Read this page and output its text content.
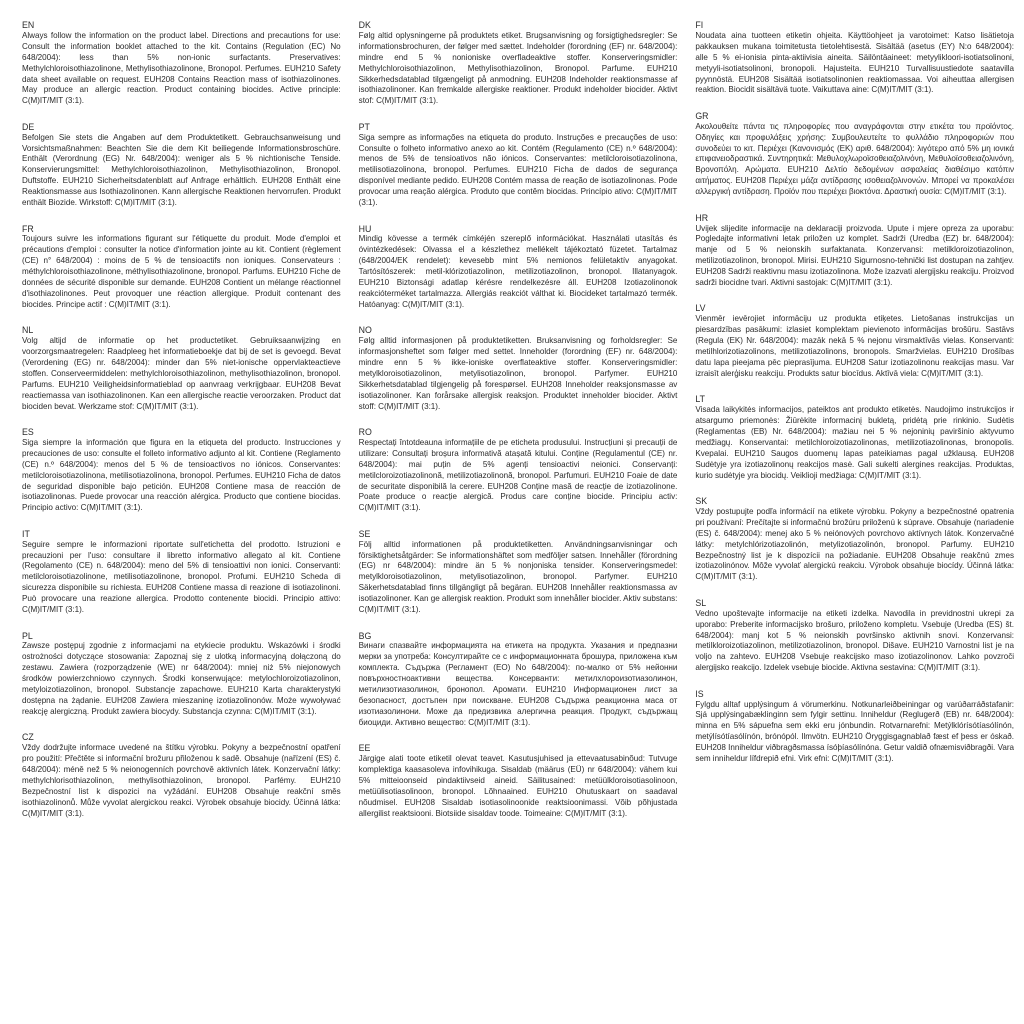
EN

Always follow the information on the product label. Directions and precautions for use: Consult the information booklet attached to the kit. Contains (Regulation (EC) No 648/2004): less than 5% non-ionic surfactants. Preservatives: Methylchloroisothiazolinone, Methylisothiazolinone, Bronopol. Perfumes. EUH210 Safety data sheet available on request. EUH208 Contains Reaction mass of isothiazolinones. May produce an allergic reaction. Product containing biocides. Active principle: C(M)IT/MIT (3:1).

DE

Befolgen Sie stets die Angaben auf dem Produktetikett. Gebrauchsanweisung und Vorsichtsmaßnahmen: Beachten Sie die dem Kit beiliegende Informationsbroschüre. Enthält (Verordnung (EG) Nr. 648/2004): weniger als 5 % nichtionische Tenside. Konservierungsmittel: Methylchloroisothiazolinon, Methylisothiazolinon, Bronopol. Duftstoffe. EUH210 Sicherheitsdatenblatt auf Anfrage erhältlich. EUH208 Enthält eine Reaktionsmasse aus Isothiazolinonen. Kann allergische Reaktionen hervorrufen. Produkt enthält Biozide. Wirkstoff: C(M)IT/MIT (3:1).

FR

Toujours suivre les informations figurant sur l'étiquette du produit. Mode d'emploi et précautions d'emploi : consulter la notice d'information jointe au kit. Contient (règlement (CE) n° 648/2004) : moins de 5 % de tensioactifs non ioniques. Conservateurs : méthylchloroisothiazolinone, méthylisothiazolinone, bronopol. Parfums. EUH210 Fiche de données de sécurité disponible sur demande. EUH208 Contient un mélange réactionnel d'isothiazolinones. Peut provoquer une réaction allergique. Produit contenant des biocides. Principe actif : C(M)IT/MIT (3:1).

NL

Volg altijd de informatie op het productetiket. Gebruiksaanwijzing en voorzorgsmaatregelen: Raadpleeg het informatieboekje dat bij de set is gevoegd. Bevat (Verordening (EG) nr. 648/2004): minder dan 5% niet-ionische oppervlakteactieve stoffen. Conserveermiddelen: methylchloroisothiazolinon, methylisothiazolinon, bronopol. Parfums. EUH210 Veiligheidsinformatieblad op aanvraag verkrijgbaar. EUH208 Bevat reactiemassa van isothiazolinonen. Kan een allergische reactie veroorzaken. Product dat biociden bevat. Werkzame stof: C(M)IT/MIT (3:1).

ES

Siga siempre la información que figura en la etiqueta del producto. Instrucciones y precauciones de uso: consulte el folleto informativo adjunto al kit. Contiene (Reglamento (CE) n.º 648/2004): menos del 5 % de tensioactivos no iónicos. Conservantes: metilcloroisotiazolinona, metilisotiazolinona, bronopol. Perfumes. EUH210 Ficha de datos de seguridad disponible bajo petición. EUH208 Contiene masa de reacción de isotiazolinonas. Puede provocar una reacción alérgica. Producto que contiene biocidas. Principio activo: C(M)IT/MIT (3:1).

IT

Seguire sempre le informazioni riportate sull'etichetta del prodotto. Istruzioni e precauzioni per l'uso: consultare il libretto informativo allegato al kit. Contiene (Regolamento (CE) n. 648/2004): meno del 5% di tensioattivi non ionici. Conservanti: metilcloroisotiazolinone, metilisotiazolinone, bronopol. Profumi. EUH210 Scheda di sicurezza disponibile su richiesta. EUH208 Contiene massa di reazione di isotiazolinoni. Può provocare una reazione allergica. Prodotto contenente biocidi. Principio attivo: C(M)IT/MIT (3:1).

PL

Zawsze postępuj zgodnie z informacjami na etykiecie produktu. Wskazówki i środki ostrożności dotyczące stosowania: Zapoznaj się z ulotką informacyjną dołączoną do zestawu. Zawiera (rozporządzenie (WE) nr 648/2004): mniej niż 5% niejonowych środków powierzchniowo czynnych. Środki konserwujące: metylochloroizotiazolinon, metyloizotiazolinon, bronopol. Substancje zapachowe. EUH210 Karta charakterystyki dostępna na żądanie. EUH208 Zawiera mieszaninę izotiazolinonów. Może wywoływać reakcję alergiczną. Produkt zawiera biocydy. Substancja czynna: C(M)IT/MIT (3:1).

CZ

Vždy dodržujte informace uvedené na štítku výrobku. Pokyny a bezpečnostní opatření pro použití: Přečtěte si informační brožuru přiloženou k sadě. Obsahuje (nařízení (ES) č. 648/2004): méně než 5 % neionogenních povrchově aktivních látek. Konzervační látky: methylchlorisothiazolinon, methylisothiazolinon, bronopol. Parfémy. EUH210 Bezpečnostní list k dispozici na vyžádání. EUH208 Obsahuje reakční směs isothiazolinonů. Může vyvolat alergickou reakci. Výrobek obsahuje biocidy. Účinná látka: C(M)IT/MIT (3:1).

DK

Følg altid oplysningerne på produktets etiket. Brugsanvisning og forsigtighedsregler: Se informationsbrochuren, der følger med sættet. Indeholder (forordning (EF) nr. 648/2004): mindre end 5 % nonioniske overfladeaktive stoffer. Konserveringsmidler: Methylchloroisothiazolinon, Methylisothiazolinon, Bronopol. Parfume. EUH210 Sikkerhedsdatablad tilgængeligt på anmodning. EUH208 Indeholder reaktionsmasse af isothiazolinoner. Kan fremkalde allergiske reaktioner. Produkt indeholder biocider. Aktivt stof: C(M)IT/MIT (3:1).

PT

Siga sempre as informações na etiqueta do produto. Instruções e precauções de uso: Consulte o folheto informativo anexo ao kit. Contém (Regulamento (CE) n.º 648/2004): menos de 5% de tensioativos não iónicos. Conservantes: metilcloroisotiazolinona, metilisotiazolinona, bronopol. Perfumes. EUH210 Ficha de dados de segurança disponível mediante pedido. EUH208 Contém massa de reação de isotiazolinonas. Pode provocar uma reação alérgica. Produto que contêm biocidas. Princípio ativo: C(M)IT/MIT (3:1).

HU

Mindig kövesse a termék címkéjén szereplő információkat. Használati utasítás és óvintézkedések: Olvassa el a készlethez mellékelt tájékoztató füzetet. Tartalmaz (648/2004/EK rendelet): kevesebb mint 5% nemionos felületaktív anyagokat. Tartósítószerek: metil-klórizotiazolinon, metilizotiazolinon, bronopol. Illatanyagok. EUH210 Biztonsági adatlap kérésre rendelkezésre áll. EUH208 Izotiazolinonok reakcióterméket tartalmazza. Allergiás reakciót válthat ki. Biocideket tartalmazó termék. Hatóanyag: C(M)IT/MIT (3:1).

NO

Følg alltid informasjonen på produktetiketten. Bruksanvisning og forholdsregler: Se informasjonsheftet som følger med settet. Inneholder (forordning (EF) nr. 648/2004): mindre enn 5 % ikke-ioniske overflateaktive stoffer. Konserveringsmidler: metylkloroisotiazolinon, metylisotiazolinon, bronopol. Parfymer. EUH210 Sikkerhetsdatablad tilgjengelig på forespørsel. EUH208 Inneholder reaksjonsmasse av isotiazolinoner. Kan forårsake allergisk reaksjon. Produktet inneholder biocider. Aktivt stoff: C(M)IT/MIT (3:1).

RO

Respectați întotdeauna informațiile de pe eticheta produsului. Instrucțiuni și precauții de utilizare: Consultați broșura informativă atașată kitului. Conține (Regulamentul (CE) nr. 648/2004): mai puțin de 5% agenți tensioactivi neionici. Conservanți: metilcloroizotiazolinonă, metilizotiazolinonă, bronopol. Parfumuri. EUH210 Foaie de date de securitate disponibilă la cerere. EUH208 Conține masă de reacție de izotiazolinone. Poate produce o reacție alergică. Produs care conține biocide. Principiu activ: C(M)IT/MIT (3:1).

SE

Följ alltid informationen på produktetiketten. Användningsanvisningar och försiktighetsåtgärder: Se informationshäftet som medföljer satsen. Innehåller (förordning (EG) nr 648/2004): mindre än 5 % nonjoniska tensider. Konserveringsmedel: metylkloroisotiazolinon, metylisotiazolinon, bronopol. Parfymer. EUH210 Säkerhetsdatablad finns tillgängligt på begäran. EUH208 Innehåller reaktionsmassa av isotiazolinoner. Kan ge allergisk reaktion. Produkt som innehåller biocider. Aktiv substans: C(M)IT/MIT (3:1).

BG

Винаги спазвайте информацията на етикета на продукта. Указания и предпазни мерки за употреба: Консултирайте се с информационната брошура, приложена към комплекта. Съдържа (Регламент (ЕО) No 648/2004): по-малко от 5% нейонни повърхностноактивни вещества. Консерванти: метилхлороизотиазолинон, метилизотиазолинон, бронопол. Аромати. EUH210 Информационен лист за безопасност, достъпен при поискване. EUH208 Съдържа реакционна маса от изотиазолинони. Може да предизвика алергична реакция. Продукт, съдържащ биоциди. Активно вещество: C(M)IT/MIT (3:1).

EE

Järgige alati toote etiketil olevat teavet. Kasutusjuhised ja ettevaatusabinõud: Tutvuge komplektiga kaasasoleva infovihikuga. Sisaldab (määrus (EÜ) nr 648/2004): vähem kui 5% mitteioonseid pindaktiivseid aineid. Säilitusained: metüülkloroisotiasolinoon, metüülisotiasolinoon, bronopol. Lõhnaained. EUH210 Ohutuskaart on saadaval nõudmisel. EUH208 Sisaldab isotiasolinoonide reaktsioonimassi. Võib põhjustada allergilist reaktsiooni. Biotsiide sisaldav toode. Toimeaine: C(M)IT/MIT (3:1).

FI

Noudata aina tuotteen etiketin ohjeita. Käyttöohjeet ja varotoimet: Katso lisätietoja pakkauksen mukana toimitetusta tietolehtisestä. Sisältää (asetus (EY) N:o 648/2004): alle 5 % ei-ionisia pinta-aktiivisia aineita. Säilöntäaineet: metyylikloori-isotiatsolinoni, metyyli-isotiatsolinoni, bronopoli. Hajusteita. EUH210 Turvallisuustiedote saatavilla pyynnöstä. EUH208 Sisältää isotiatsolinonien reaktiomassaa. Voi aiheuttaa allergisen reaktion. Biocidit sisältävä tuote. Vaikuttava aine: C(M)IT/MIT (3:1).

GR

Ακολουθείτε πάντα τις πληροφορίες που αναγράφονται στην ετικέτα του προϊόντος. Οδηγίες και προφυλάξεις χρήσης: Συμβουλευτείτε το φυλλάδιο πληροφοριών που συνοδεύει το κιτ. Περιέχει (Κανονισμός (ΕΚ) αριθ. 648/2004): λιγότερο από 5% μη ιονικά επιφανειοδραστικά. Συντηρητικά: Μεθυλοχλωροϊσοθειαζολινόνη, Μεθυλοϊσοθειαζολινόνη, Βρονοπόλη. Αρώματα. EUH210 Δελτίο δεδομένων ασφαλείας διαθέσιμο κατόπιν αιτήματος. EUH208 Περιέχει μάζα αντίδρασης ισοθειαζολινονών. Μπορεί να προκαλέσει αλλεργική αντίδραση. Προϊόν που περιέχει βιοκτόνα. Δραστική ουσία: C(M)IT/MIT (3:1).

HR

Uvijek slijedite informacije na deklaraciji proizvoda. Upute i mjere opreza za uporabu: Pogledajte informativni letak priložen uz komplet. Sadrži (Uredba (EZ) br. 648/2004): manje od 5 % neionskih surfaktanata. Konzervansi: metilkloroizotiazolinon, metilizotiazolinon, bronopol. Mirisi. EUH210 Sigurnosno-tehnički list dostupan na zahtjev. EUH208 Sadrži reaktivnu masu izotiazolinona. Može izazvati alergijsku reakciju. Proizvod sadrži biocidne tvari. Aktivni sastojak: C(M)IT/MIT (3:1).

LV

Vienmēr ievērojiet informāciju uz produkta etiķetes. Lietošanas instrukcijas un piesardzības pasākumi: izlasiet komplektam pievienoto informācijas brošūru. Sastāvs (Regula (EK) Nr. 648/2004): mazāk nekā 5 % nejonu virsmaktīvās vielas. Konservanti: metilhlorizotiazolinons, metilizotiazolinons, bronopols. Smaržvielas. EUH210 Drošības datu lapa pieejama pēc pieprasījuma. EUH208 Satur izotiazolinonu reakcijas masu. Var izraisīt alerģisku reakciju. Produkts satur biocīdus. Aktīvā viela: C(M)IT/MIT (3:1).

LT

Visada laikykitės informacijos, pateiktos ant produkto etiketės. Naudojimo instrukcijos ir atsargumo priemonės: Žiūrėkite informacinį bukletą, pridėtą prie rinkinio. Sudėtis (Reglamentas (EB) Nr. 648/2004): mažiau nei 5 % nejoninių paviršinio aktyvumo medžiagų. Konservantai: metilchloroizotiazolinonas, metilizotiazolinonas, bronopolis. Kvepalai. EUH210 Saugos duomenų lapas pateikiamas pagal užklausą. EUH208 Sudėtyje yra izotiazolinonų reakcijos masė. Gali sukelti alergines reakcijas. Produktas, kurio sudėtyje yra biocidų. Veiklioji medžiaga: C(M)IT/MIT (3:1).

SK

Vždy postupujte podľa informácií na etikete výrobku. Pokyny a bezpečnostné opatrenia pri používaní: Prečítajte si informačnú brožúru priloženú k súprave. Obsahuje (nariadenie (ES) č. 648/2004): menej ako 5 % neiónových povrchovo aktívnych látok. Konzervačné látky: metylchlórizotiazolinón, metylizotiazolinón, bronopol. Parfumy. EUH210 Bezpečnostný list je k dispozícii na požiadanie. EUH208 Obsahuje reakčnú zmes izotiazolinónov. Môže vyvolať alergickú reakciu. Výrobok obsahuje biocídy. Účinná látka: C(M)IT/MIT (3:1).

SL

Vedno upoštevajte informacije na etiketi izdelka. Navodila in previdnostni ukrepi za uporabo: Preberite informacijsko brošuro, priloženo kompletu. Vsebuje (Uredba (ES) št. 648/2004): manj kot 5 % neionskih površinsko aktivnih snovi. Konzervansi: metilkloroizotiazolinon, metilizotiazolinon, bronopol. Dišave. EUH210 Varnostni list je na voljo na zahtevo. EUH208 Vsebuje reakcijsko maso izotiazolinonov. Lahko povzroči alergijsko reakcijo. Izdelek vsebuje biocide. Aktivna sestavina: C(M)IT/MIT (3:1).

IS

Fylgdu alltaf upplýsingum á vörumerkinu. Notkunarleiðbeiningar og varúðarráðstafanir: Sjá upplýsingabæklinginn sem fylgir settinu. Inniheldur (Reglugerð (EB) nr. 648/2004): minna en 5% sápuefna sem ekki eru jónbundin. Rotvarnarefni: Metýlklórísótíasólínón, metýlísótíasólínón, brónópól. Ilmvötn. EUH210 Öryggisgagnablað fæst ef þess er óskað. EUH208 Inniheldur viðbragðsmassa ísóþíasólínóna. Getur valdið ofnæmisviðbragði. Vara sem inniheldur lífdrepið efni. Virk efni: C(M)IT/MIT (3:1).
